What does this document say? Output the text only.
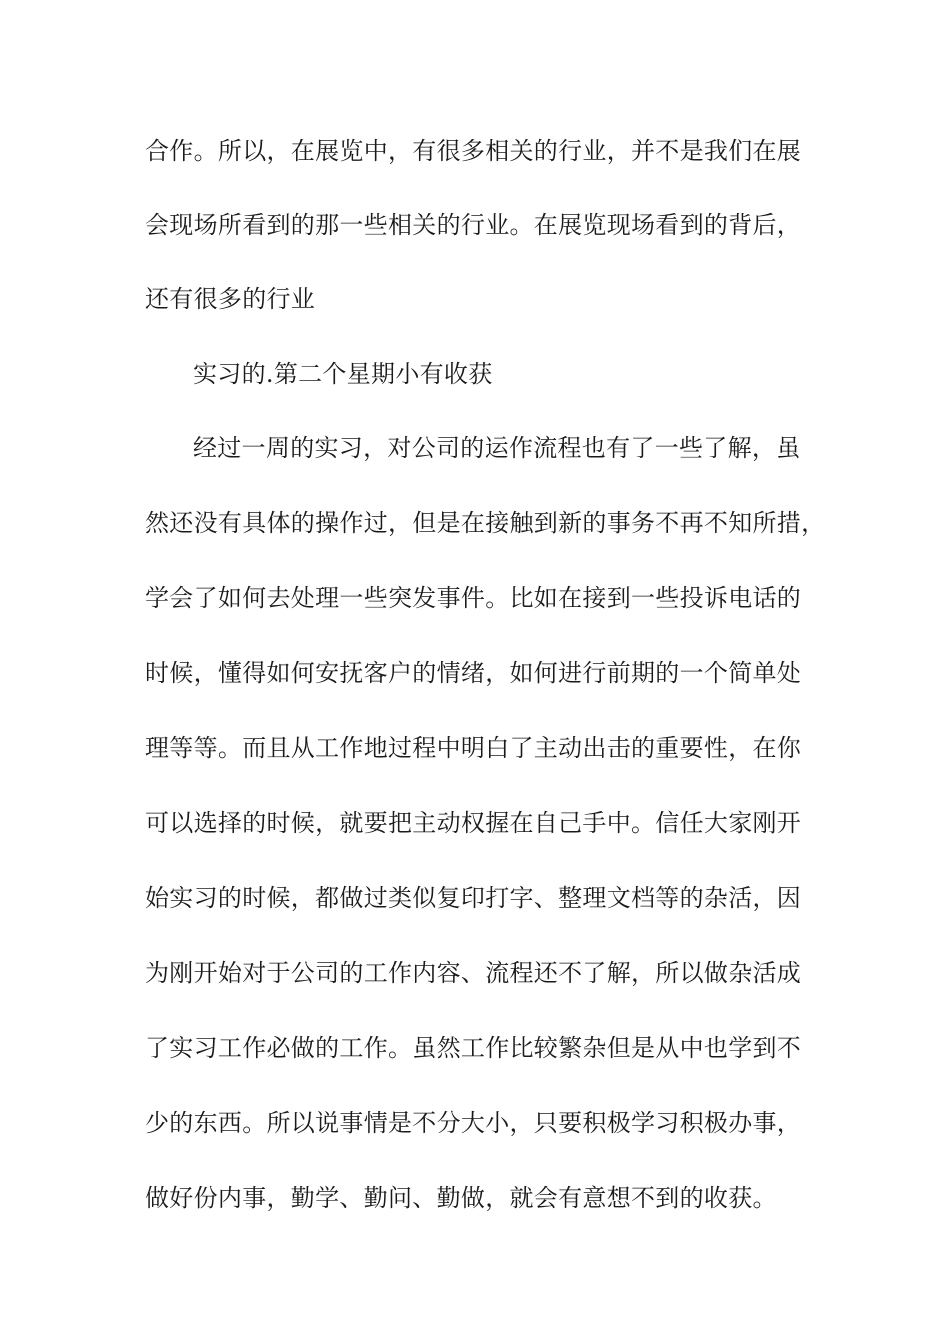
合作。所以，在展览中，有很多相关的行业，并不是我们在展

会现场所看到的那一些相关的行业。在展览现场看到的背后，

还有很多的行业

实习的.第二个星期小有收获

经过一周的实习，对公司的运作流程也有了一些了解，虽

然还没有具体的操作过，但是在接触到新的事务不再不知所措，

学会了如何去处理一些突发事件。比如在接到一些投诉电话的

时候，懂得如何安抚客户的情绪，如何进行前期的一个简单处

理等等。而且从工作地过程中明白了主动出击的重要性，在你

可以选择的时候，就要把主动权握在自己手中。信任大家刚开

始实习的时候，都做过类似复印打字、整理文档等的杂活，因

为刚开始对于公司的工作内容、流程还不了解，所以做杂活成

了实习工作必做的工作。虽然工作比较繁杂但是从中也学到不

少的东西。所以说事情是不分大小，只要积极学习积极办事，

做好份内事，勤学、勤问、勤做，就会有意想不到的收获。
